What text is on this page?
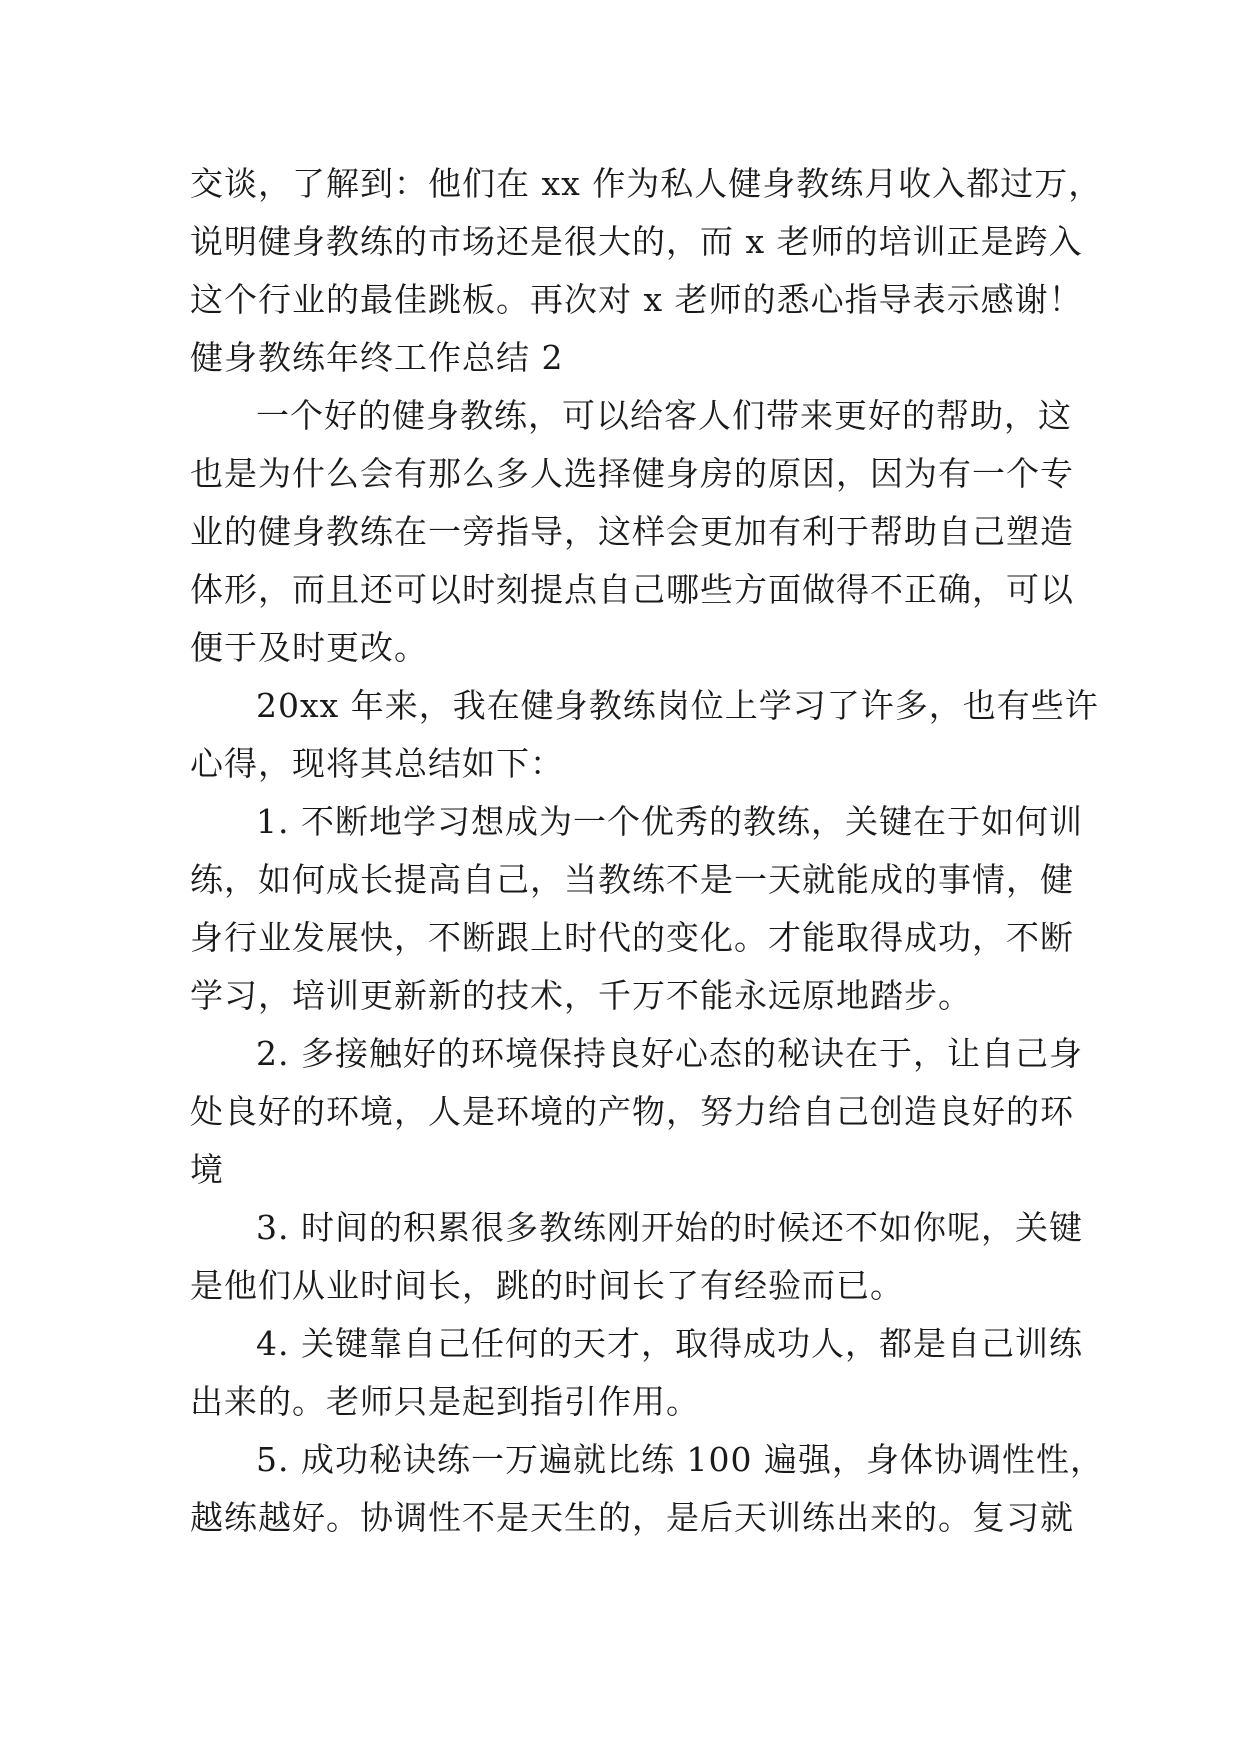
交谈，了解到：他们在 xx 作为私人健身教练月收入都过万，
说明健身教练的市场还是很大的，而 x 老师的培训正是跨入
这个行业的最佳跳板。再次对 x 老师的悉心指导表示感谢！
健身教练年终工作总结 2
一个好的健身教练，可以给客人们带来更好的帮助，这
也是为什么会有那么多人选择健身房的原因，因为有一个专
业的健身教练在一旁指导，这样会更加有利于帮助自己塑造
体形，而且还可以时刻提点自己哪些方面做得不正确，可以
便于及时更改。
20xx 年来，我在健身教练岗位上学习了许多，也有些许
心得，现将其总结如下：
1. 不断地学习想成为一个优秀的教练，关键在于如何训
练，如何成长提高自己，当教练不是一天就能成的事情，健
身行业发展快，不断跟上时代的变化。才能取得成功，不断
学习，培训更新新的技术，千万不能永远原地踏步。
2. 多接触好的环境保持良好心态的秘诀在于，让自己身
处良好的环境，人是环境的产物，努力给自己创造良好的环
境
3. 时间的积累很多教练刚开始的时候还不如你呢，关键
是他们从业时间长，跳的时间长了有经验而已。
4. 关键靠自己任何的天才，取得成功人，都是自己训练
出来的。老师只是起到指引作用。
5. 成功秘诀练一万遍就比练 100 遍强，身体协调性性，
越练越好。协调性不是天生的，是后天训练出来的。复习就
